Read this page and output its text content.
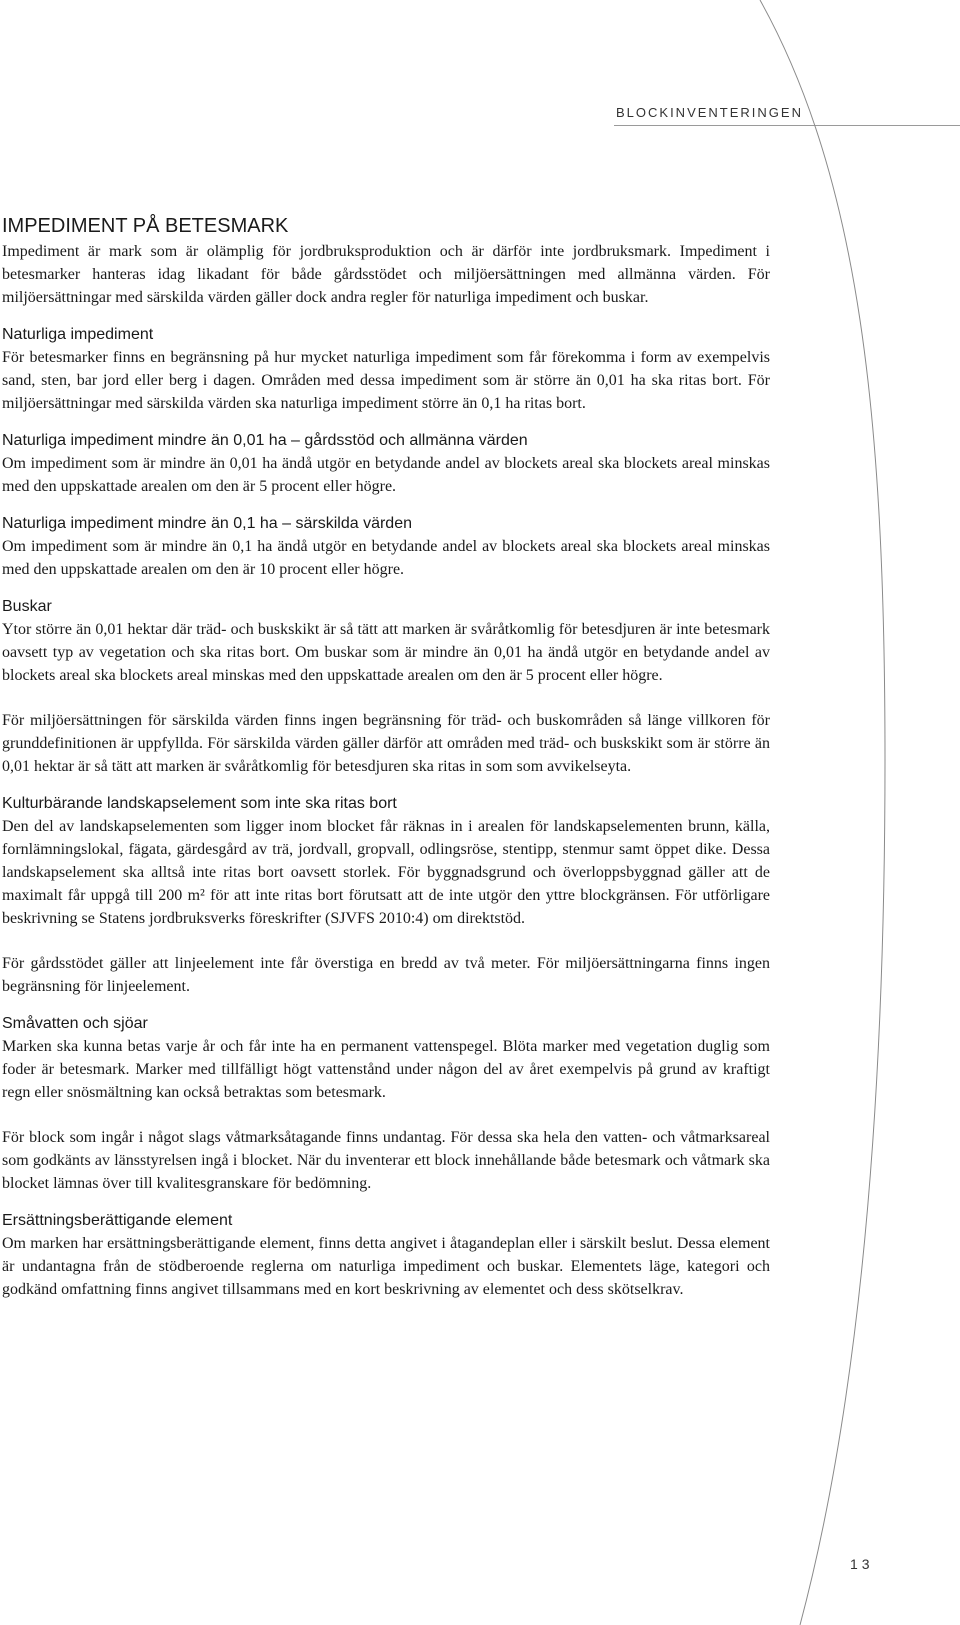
BLOCKINVENTERINGEN
IMPEDIMENT PÅ BETESMARK

Impediment är mark som är olämplig för jordbruksproduktion och är därför inte jordbruksmark. Impediment i betesmarker hanteras idag likadant för både gårdsstödet och miljöersättningen med allmänna värden. För miljöersättningar med särskilda värden gäller dock andra regler för naturliga impediment och buskar.

Naturliga impediment

För betesmarker finns en begränsning på hur mycket naturliga impediment som får förekomma i form av exempelvis sand, sten, bar jord eller berg i dagen. Områden med dessa impediment som är större än 0,01 ha ska ritas bort. För miljöersättningar med särskilda värden ska naturliga impediment större än 0,1 ha ritas bort.

Naturliga impediment mindre än 0,01 ha – gårdsstöd och allmänna värden

Om impediment som är mindre än 0,01 ha ändå utgör en betydande andel av blockets areal ska blockets areal minskas med den uppskattade arealen om den är 5 procent eller högre.

Naturliga impediment mindre än 0,1 ha – särskilda värden

Om impediment som är mindre än 0,1 ha ändå utgör en betydande andel av blockets areal ska blockets areal minskas med den uppskattade arealen om den är 10 procent eller högre.

Buskar

Ytor större än 0,01 hektar där träd- och buskskikt är så tätt att marken är svåråtkomlig för betesdjuren är inte betesmark oavsett typ av vegetation och ska ritas bort. Om buskar som är mindre än 0,01 ha ändå utgör en betydande andel av blockets areal ska blockets areal minskas med den uppskattade arealen om den är 5 procent eller högre.

För miljöersättningen för särskilda värden finns ingen begränsning för träd- och buskområden så länge villkoren för grunddefinitionen är uppfyllda. För särskilda värden gäller därför att områden med träd- och buskskikt som är större än 0,01 hektar är så tätt att marken är svåråtkomlig för betesdjuren ska ritas in som som avvikelseyta.

Kulturbärande landskapselement som inte ska ritas bort

Den del av landskapselementen som ligger inom blocket får räknas in i arealen för landskapselementen brunn, källa, fornlämningslokal, fägata, gärdesgård av trä, jordvall, gropvall, odlingsröse, stentipp, stenmur samt öppet dike. Dessa landskapselement ska alltså inte ritas bort oavsett storlek. För byggnadsgrund och överloppsbyggnad gäller att de maximalt får uppgå till 200 m² för att inte ritas bort förutsatt att de inte utgör den yttre blockgränsen. För utförligare beskrivning se Statens jordbruksverks föreskrifter (SJVFS 2010:4) om direktstöd.

För gårdsstödet gäller att linjeelement inte får överstiga en bredd av två meter. För miljöersättningarna finns ingen begränsning för linjeelement.

Småvatten och sjöar

Marken ska kunna betas varje år och får inte ha en permanent vattenspegel. Blöta marker med vegetation duglig som foder är betesmark. Marker med tillfälligt högt vattenstånd under någon del av året exempelvis på grund av kraftigt regn eller snösmältning kan också betraktas som betesmark.

För block som ingår i något slags våtmarksåtagande finns undantag. För dessa ska hela den vatten- och våtmarksareal som godkänts av länsstyrelsen ingå i blocket. När du inventerar ett block innehållande både betesmark och våtmark ska blocket lämnas över till kvalitesgranskare för bedömning.

Ersättningsberättigande element

Om marken har ersättningsberättigande element, finns detta angivet i åtagandeplan eller i särskilt beslut. Dessa element är undantagna från de stödberoende reglerna om naturliga impediment och buskar. Elementets läge, kategori och godkänd omfattning finns angivet tillsammans med en kort beskrivning av elementet och dess skötselkrav.

13
